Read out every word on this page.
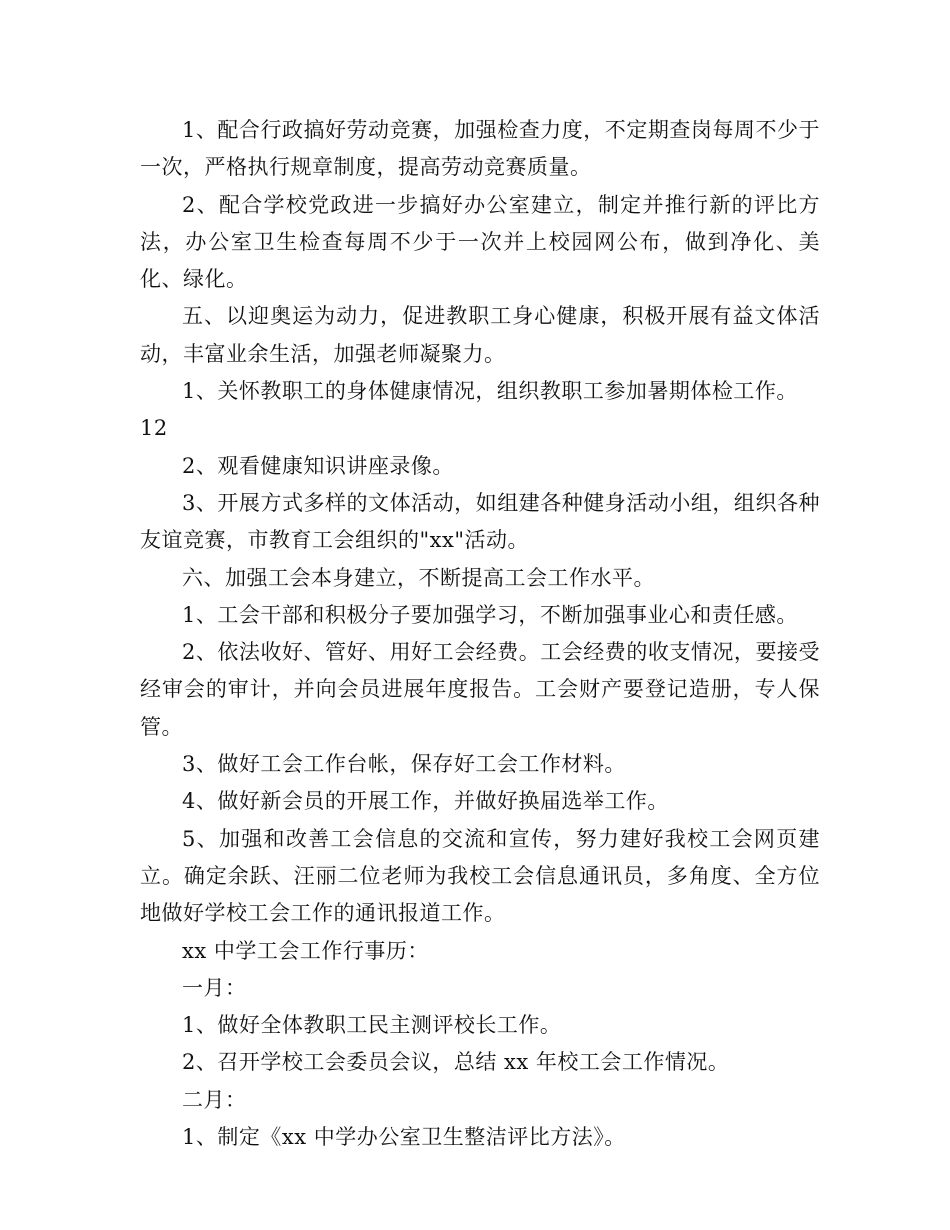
1、配合行政搞好劳动竞赛，加强检查力度，不定期查岗每周不少于一次，严格执行规章制度，提高劳动竞赛质量。

2、配合学校党政进一步搞好办公室建立，制定并推行新的评比方法，办公室卫生检查每周不少于一次并上校园网公布，做到净化、美化、绿化。

五、以迎奥运为动力，促进教职工身心健康，积极开展有益文体活动，丰富业余生活，加强老师凝聚力。

1、关怀教职工的身体健康情况，组织教职工参加暑期体检工作。

12

2、观看健康知识讲座录像。

3、开展方式多样的文体活动，如组建各种健身活动小组，组织各种友谊竞赛，市教育工会组织的"xx"活动。

六、加强工会本身建立，不断提高工会工作水平。

1、工会干部和积极分子要加强学习，不断加强事业心和责任感。

2、依法收好、管好、用好工会经费。工会经费的收支情况，要接受经审会的审计，并向会员进展年度报告。工会财产要登记造册，专人保管。

3、做好工会工作台帐，保存好工会工作材料。

4、做好新会员的开展工作，并做好换届选举工作。

5、加强和改善工会信息的交流和宣传，努力建好我校工会网页建立。确定余跃、汪丽二位老师为我校工会信息通讯员，多角度、全方位地做好学校工会工作的通讯报道工作。

xx 中学工会工作行事历：

一月：

1、做好全体教职工民主测评校长工作。

2、召开学校工会委员会议，总结 xx 年校工会工作情况。

二月：

1、制定《xx 中学办公室卫生整洁评比方法》。
